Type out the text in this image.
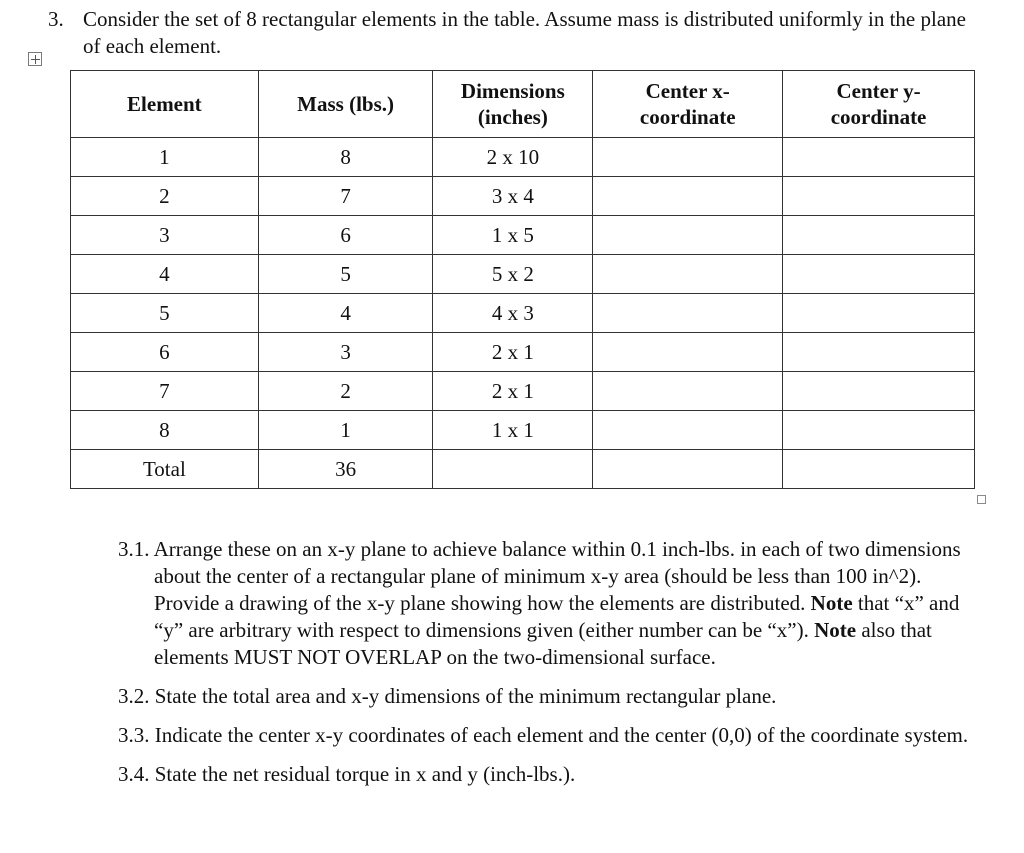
3. Consider the set of 8 rectangular elements in the table. Assume mass is distributed uniformly in the plane of each element.
Element	Mass (lbs.)	Dimensions (inches)	Center x-coordinate	Center y-coordinate

1	8	2 x 10		
2	7	3 x 4		
3	6	1 x 5		
4	5	5 x 2		
5	4	4 x 3		
6	3	2 x 1		
7	2	2 x 1		
8	1	1 x 1		
Total	36			
3.1. Arrange these on an x-y plane to achieve balance within 0.1 inch-lbs. in each of two dimensions about the center of a rectangular plane of minimum x-y area (should be less than 100 in^2). Provide a drawing of the x-y plane showing how the elements are distributed. Note that “x” and “y” are arbitrary with respect to dimensions given (either number can be “x”). Note also that elements MUST NOT OVERLAP on the two-dimensional surface.
3.2. State the total area and x-y dimensions of the minimum rectangular plane.
3.3. Indicate the center x-y coordinates of each element and the center (0,0) of the coordinate system.
3.4. State the net residual torque in x and y (inch-lbs.).
